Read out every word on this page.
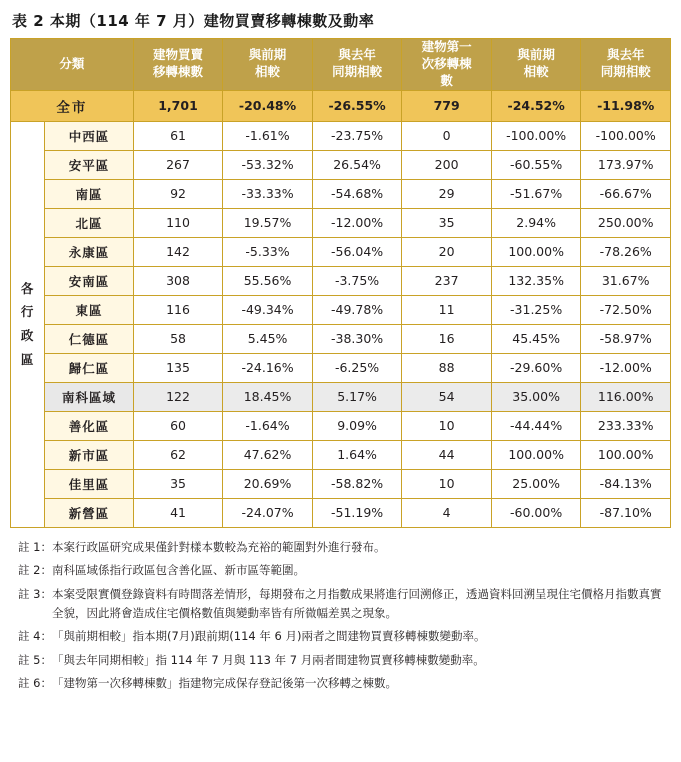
表 2 本期（114 年 7 月）建物買賣移轉棟數及動率
分類		建物買賣
移轉棟數	與前期
相較	與去年
同期相較	建物第一
次移轉棟
數	與前期
相較	與去年
同期相較

全市		1,701	-20.48%	-26.55%	779	-24.52%	-11.98%

各
行
政
區	中西區	61	-1.61%	-23.75%	0	-100.00%	-100.00%
	安平區	267	-53.32%	26.54%	200	-60.55%	173.97%
	南區	92	-33.33%	-54.68%	29	-51.67%	-66.67%
	北區	110	19.57%	-12.00%	35	2.94%	250.00%
	永康區	142	-5.33%	-56.04%	20	100.00%	-78.26%
	安南區	308	55.56%	-3.75%	237	132.35%	31.67%
	東區	116	-49.34%	-49.78%	11	-31.25%	-72.50%
	仁德區	58	5.45%	-38.30%	16	45.45%	-58.97%
	歸仁區	135	-24.16%	-6.25%	88	-29.60%	-12.00%
	南科區域	122	18.45%	5.17%	54	35.00%	116.00%
	善化區	60	-1.64%	9.09%	10	-44.44%	233.33%
	新市區	62	47.62%	1.64%	44	100.00%	100.00%
	佳里區	35	20.69%	-58.82%	10	25.00%	-84.13%
	新營區	41	-24.07%	-51.19%	4	-60.00%	-87.10%
註 1： 本案行政區研究成果僅針對樣本數較為充裕的範圍對外進行發布。
註 2： 南科區域係指行政區包含善化區、新市區等範圍。
註 3： 本案受限實價登錄資料有時間落差情形，每期發布之月指數成果將進行回溯修正，透過資料回溯呈現住宅價格月指數真實全貌，因此將會造成住宅價格數值與變動率皆有所微幅差異之現象。
註 4： 「與前期相較」指本期(7月)跟前期(114 年 6 月)兩者之間建物買賣移轉棟數變動率。
註 5： 「與去年同期相較」指 114 年 7 月與 113 年 7 月兩者間建物買賣移轉棟數變動率。
註 6： 「建物第一次移轉棟數」指建物完成保存登記後第一次移轉之棟數。
